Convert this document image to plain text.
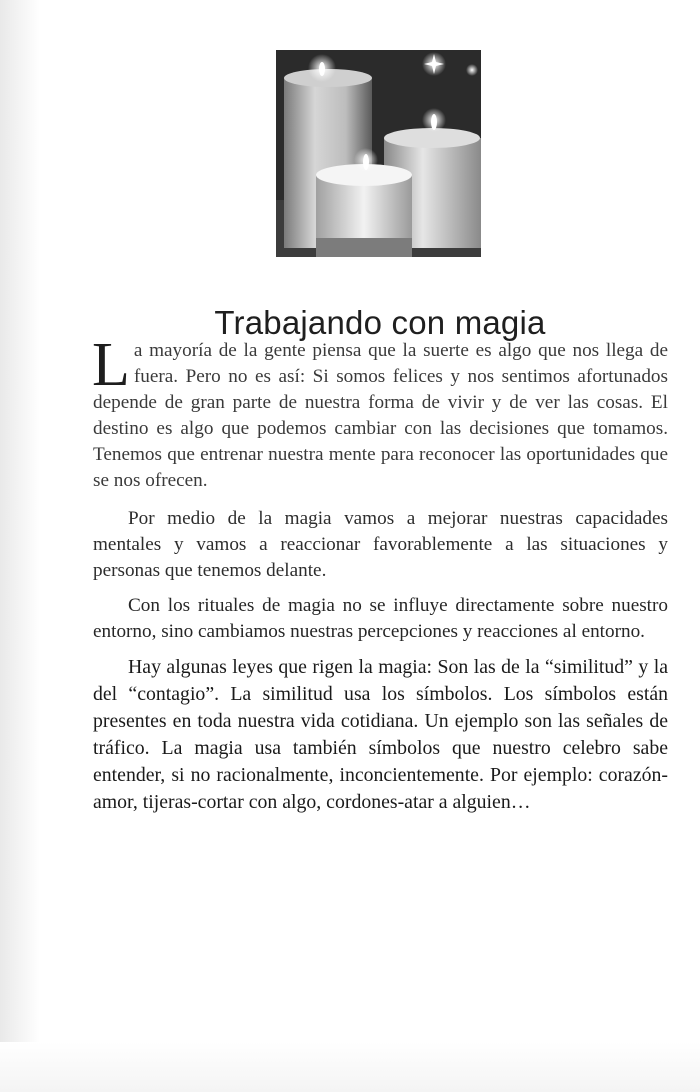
Trabajando con magia

La mayoría de la gente piensa que la suerte es algo que nos llega de fuera. Pero no es así: Si somos felices y nos sentimos afortunados depende de gran parte de nuestra forma de vivir y de ver las cosas. El destino es algo que podemos cambiar con las decisiones que tomamos. Tenemos que entrenar nuestra mente para reconocer las oportunidades que se nos ofrecen.

Por medio de la magia vamos a mejorar nuestras capacidades mentales y vamos a reaccionar favorablemente a las situaciones y personas que tenemos delante.

Con los rituales de magia no se influye directamente sobre nuestro entorno, sino cambiamos nuestras percepciones y reacciones al entorno.

Hay algunas leyes que rigen la magia: Son las de la “similitud” y la del “contagio”. La similitud usa los símbolos. Los símbolos están presentes en toda nuestra vida cotidiana. Un ejemplo son las señales de tráfico. La magia usa también símbolos que nuestro celebro sabe entender, si no racionalmente, inconcientemente. Por ejemplo: corazón-amor, tijeras-cortar con algo, cordones-atar a alguien…
